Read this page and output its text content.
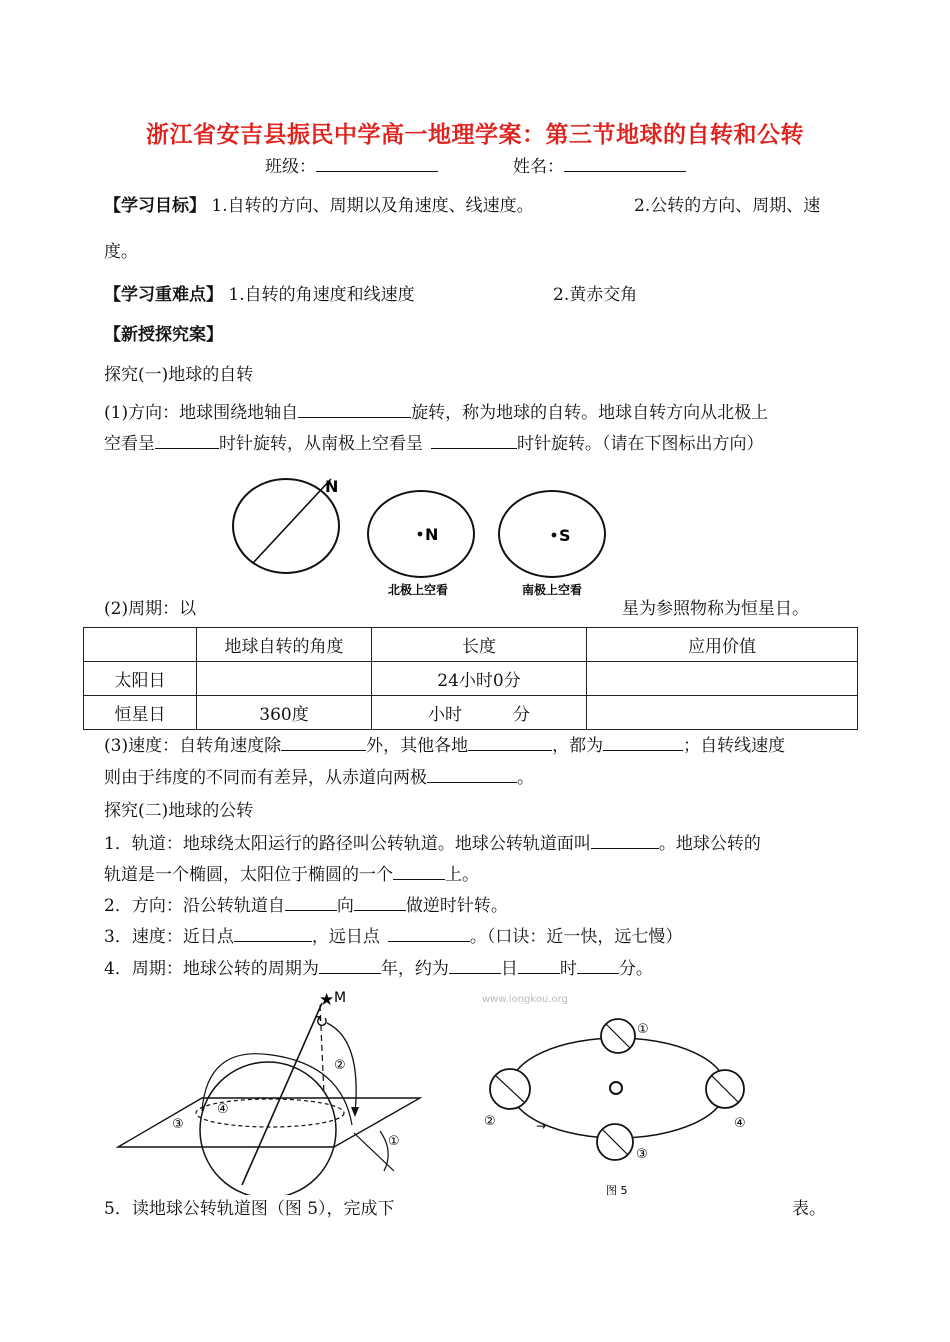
浙江省安吉县振民中学高一地理学案：第三节地球的自转和公转
班级：	姓名：
【学习目标】 1.自转的方向、周期以及角速度、线速度。	2.公转的方向、周期、速
度。
【学习重难点】 1.自转的角速度和线速度	2.黄赤交角
【新授探究案】
探究(一)地球的自转
(1)方向：地球围绕地轴自	旋转，称为地球的自转。地球自转方向从北极上
空看呈	时针旋转，从南极上空看呈	时针旋转。（请在下图标出方向）
N
N
北极上空看
S
南极上空看
(2)周期：以	星为参照物称为恒星日。
	地球自转的角度	长度	应用价值
太阳日		24小时0分	
恒星日	360度	小时　　　分	
(3)速度：自转角速度除	外，其他各地	，都为	；自转线速度
则由于纬度的不同而有差异，从赤道向两极	。
探究(二)地球的公转
1．轨道：地球绕太阳运行的路径叫公转轨道。地球公转轨道面叫	。地球公转的
轨道是一个椭圆，太阳位于椭圆的一个	上。
2．方向：沿公转轨道自	向	做逆时针转。
3．速度：近日点	，远日点	。（口诀：近一快，远七慢）
4．周期：地球公转的周期为	年，约为	日 时 分。
★ M
↻
①
②
③
④
www.longkou.org
①
②
③
④
→
图 5
5．读地球公转轨道图（图 5），完成下	表。
